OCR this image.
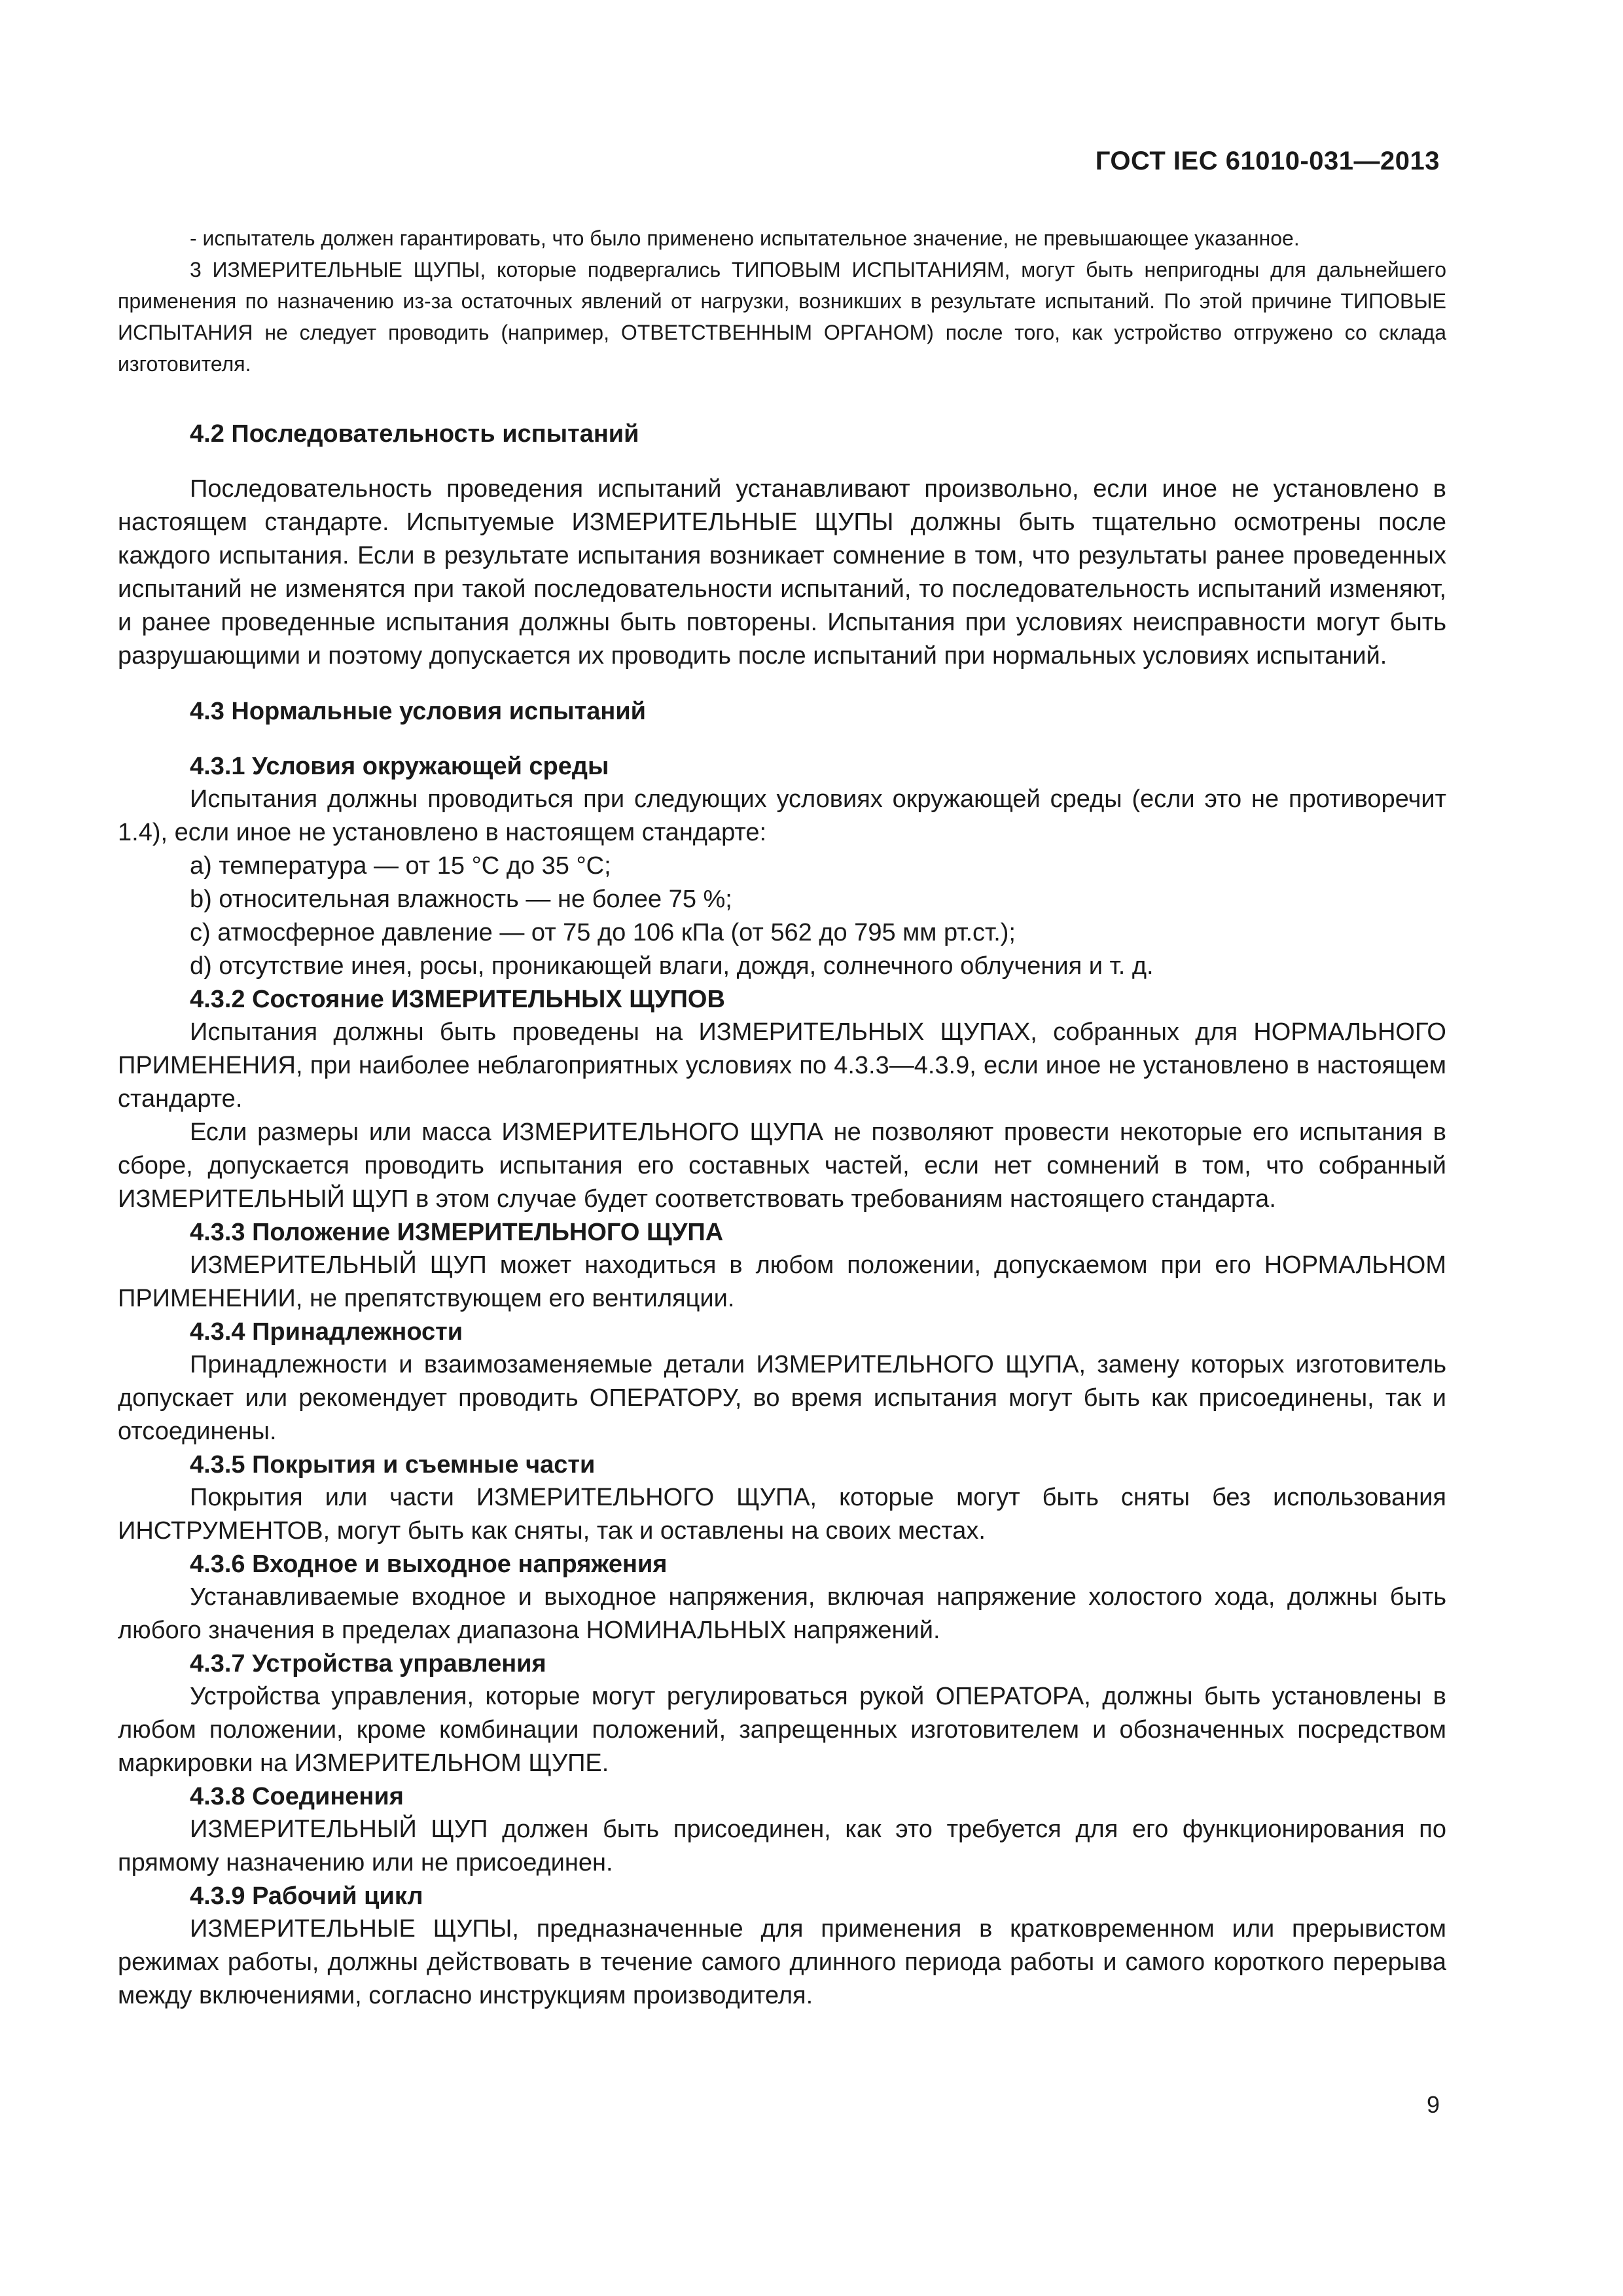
ГОСТ IEC 61010-031—2013

- испытатель должен гарантировать, что было применено испытательное значение, не превышающее указанное.

3 ИЗМЕРИТЕЛЬНЫЕ ЩУПЫ, которые подвергались ТИПОВЫМ ИСПЫТАНИЯМ, могут быть непригодны для дальнейшего применения по назначению из-за остаточных явлений от нагрузки, возникших в результате испытаний. По этой причине ТИПОВЫЕ ИСПЫТАНИЯ не следует проводить (например, ОТВЕТСТВЕННЫМ ОРГАНОМ) после того, как устройство отгружено со склада изготовителя.

4.2 Последовательность испытаний

Последовательность проведения испытаний устанавливают произвольно, если иное не установлено в настоящем стандарте. Испытуемые ИЗМЕРИТЕЛЬНЫЕ ЩУПЫ должны быть тщательно осмотрены после каждого испытания. Если в результате испытания возникает сомнение в том, что результаты ранее проведенных испытаний не изменятся при такой последовательности испытаний, то последовательность испытаний изменяют, и ранее проведенные испытания должны быть повторены. Испытания при условиях неисправности могут быть разрушающими и поэтому допускается их проводить после испытаний при нормальных условиях испытаний.

4.3 Нормальные условия испытаний
4.3.1 Условия окружающей среды

Испытания должны проводиться при следующих условиях окружающей среды (если это не противоречит 1.4), если иное не установлено в настоящем стандарте:

a) температура — от 15 °С до 35 °С;
b) относительная влажность — не более 75 %;
c) атмосферное давление — от 75 до 106 кПа (от 562 до 795 мм рт.ст.);
d) отсутствие инея, росы, проникающей влаги, дождя, солнечного облучения и т. д.
4.3.2 Состояние ИЗМЕРИТЕЛЬНЫХ ЩУПОВ

Испытания должны быть проведены на ИЗМЕРИТЕЛЬНЫХ ЩУПАХ, собранных для НОРМАЛЬНОГО ПРИМЕНЕНИЯ, при наиболее неблагоприятных условиях по 4.3.3—4.3.9, если иное не установлено в настоящем стандарте.

Если размеры или масса ИЗМЕРИТЕЛЬНОГО ЩУПА не позволяют провести некоторые его испытания в сборе, допускается проводить испытания его составных частей, если нет сомнений в том, что собранный ИЗМЕРИТЕЛЬНЫЙ ЩУП в этом случае будет соответствовать требованиям настоящего стандарта.

4.3.3 Положение ИЗМЕРИТЕЛЬНОГО ЩУПА

ИЗМЕРИТЕЛЬНЫЙ ЩУП может находиться в любом положении, допускаемом при его НОРМАЛЬНОМ ПРИМЕНЕНИИ, не препятствующем его вентиляции.

4.3.4 Принадлежности

Принадлежности и взаимозаменяемые детали ИЗМЕРИТЕЛЬНОГО ЩУПА, замену которых изготовитель допускает или рекомендует проводить ОПЕРАТОРУ, во время испытания могут быть как присоединены, так и отсоединены.

4.3.5 Покрытия и съемные части

Покрытия или части ИЗМЕРИТЕЛЬНОГО ЩУПА, которые могут быть сняты без использования ИНСТРУМЕНТОВ, могут быть как сняты, так и оставлены на своих местах.

4.3.6 Входное и выходное напряжения

Устанавливаемые входное и выходное напряжения, включая напряжение холостого хода, должны быть любого значения в пределах диапазона НОМИНАЛЬНЫХ напряжений.

4.3.7 Устройства управления

Устройства управления, которые могут регулироваться рукой ОПЕРАТОРА, должны быть установлены в любом положении, кроме комбинации положений, запрещенных изготовителем и обозначенных посредством маркировки на ИЗМЕРИТЕЛЬНОМ ЩУПЕ.

4.3.8 Соединения

ИЗМЕРИТЕЛЬНЫЙ ЩУП должен быть присоединен, как это требуется для его функционирования по прямому назначению или не присоединен.

4.3.9 Рабочий цикл

ИЗМЕРИТЕЛЬНЫЕ ЩУПЫ, предназначенные для применения в кратковременном или прерывистом режимах работы, должны действовать в течение самого длинного периода работы и самого короткого перерыва между включениями, согласно инструкциям производителя.

9
